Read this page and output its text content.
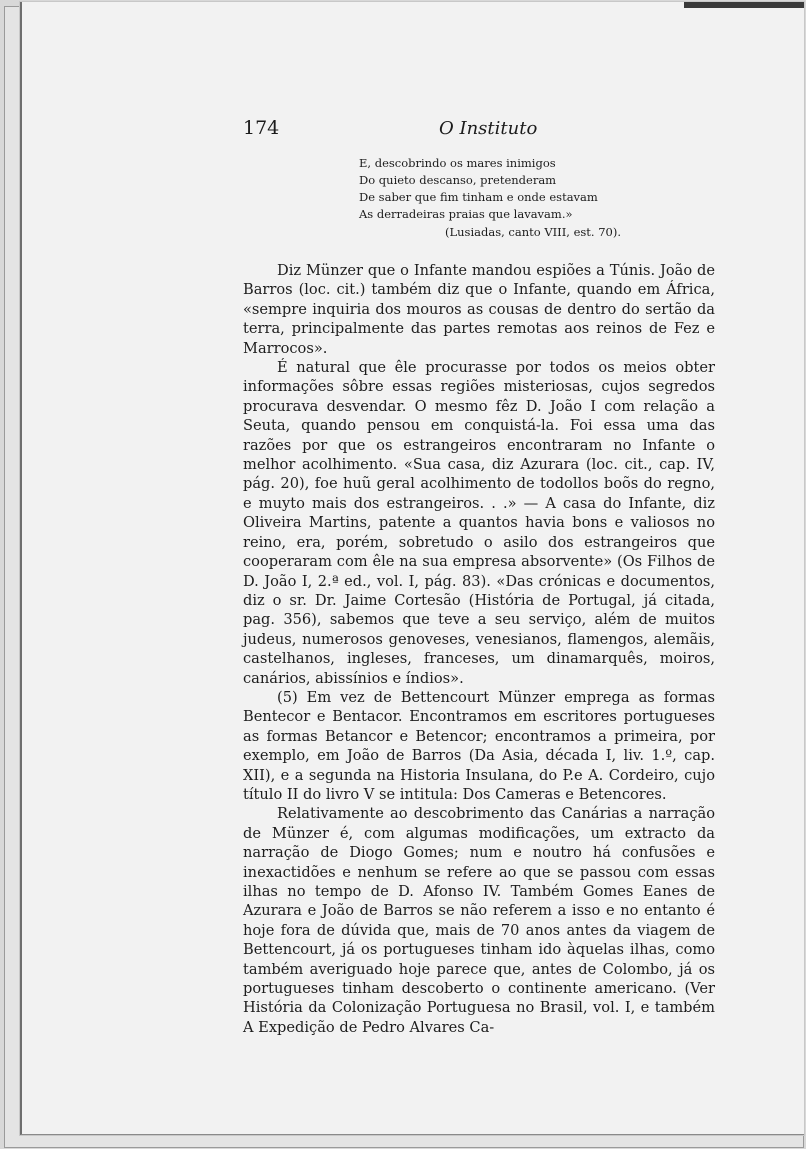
174	O Instituto
E, descobrindo os mares inimigos
Do quieto descanso, pretenderam
De saber que fim tinham e onde estavam
As derradeiras praias que lavavam.»
(Lusiadas, canto VIII, est. 70).

Diz Münzer que o Infante mandou espiões a Túnis. João de Barros (loc. cit.) também diz que o Infante, quando em África, «sempre inquiria dos mouros as cousas de dentro do sertão da terra, principalmente das partes remotas aos reinos de Fez e Marrocos».

É natural que êle procurasse por todos os meios obter informações sôbre essas regiões misteriosas, cujos segredos procurava desvendar. O mesmo fêz D. João I com relação a Seuta, quando pensou em conquistá-la. Foi essa uma das razões por que os estrangeiros encontraram no Infante o melhor acolhimento. «Sua casa, diz Azurara (loc. cit., cap. IV, pág. 20), foe huũ geral acolhimento de todollos boõs do regno, e muyto mais dos estrangeiros. . .» — A casa do Infante, diz Oliveira Martins, patente a quantos havia bons e valiosos no reino, era, porém, sobretudo o asilo dos estrangeiros que cooperaram com êle na sua empresa absorvente» (Os Filhos de D. João I, 2.ª ed., vol. I, pág. 83). «Das crónicas e documentos, diz o sr. Dr. Jaime Cortesão (História de Portugal, já citada, pag. 356), sabemos que teve a seu serviço, além de muitos judeus, numerosos genoveses, venesianos, flamengos, alemãis, castelhanos, ingleses, franceses, um dinamarquês, moiros, canários, abissínios e índios».

(5) Em vez de Bettencourt Münzer emprega as formas Bentecor e Bentacor. Encontramos em escritores portugueses as formas Betancor e Betencor; encontramos a primeira, por exemplo, em João de Barros (Da Asia, década I, liv. 1.º, cap. XII), e a segunda na Historia Insulana, do P.e A. Cordeiro, cujo título II do livro V se intitula: Dos Cameras e Betencores.

Relativamente ao descobrimento das Canárias a narração de Münzer é, com algumas modificações, um extracto da narração de Diogo Gomes; num e noutro há confusões e inexactidões e nenhum se refere ao que se passou com essas ilhas no tempo de D. Afonso IV. Também Gomes Eanes de Azurara e João de Barros se não referem a isso e no entanto é hoje fora de dúvida que, mais de 70 anos antes da viagem de Bettencourt, já os portugueses tinham ido àquelas ilhas, como também averiguado hoje parece que, antes de Colombo, já os portugueses tinham descoberto o continente americano. (Ver História da Colonização Portuguesa no Brasil, vol. I, e também A Expedição de Pedro Alvares Ca-
